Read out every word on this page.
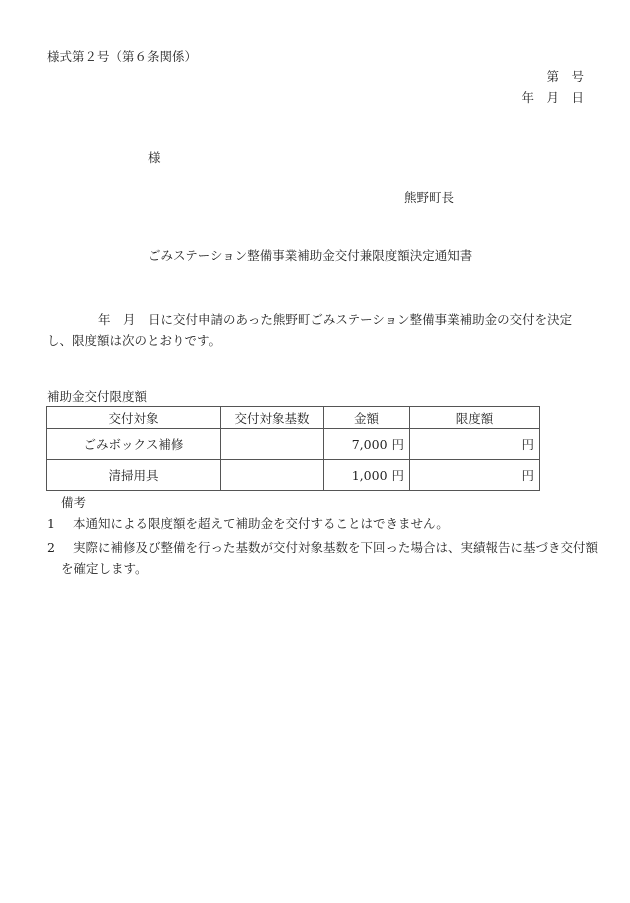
様式第２号（第６条関係）
第　号
年　月　日
様
熊野町長
ごみステーション整備事業補助金交付兼限度額決定通知書
年　月　日に交付申請のあった熊野町ごみステーション整備事業補助金の交付を決定し、限度額は次のとおりです。
補助金交付限度額
交付対象	交付対象基数	金額	限度額
ごみボックス補修		7,000 円	円
清掃用具		1,000 円	円
備考
1 本通知による限度額を超えて補助金を交付することはできません。
2 実際に補修及び整備を行った基数が交付対象基数を下回った場合は、実績報告に基づき交付額を確定します。
